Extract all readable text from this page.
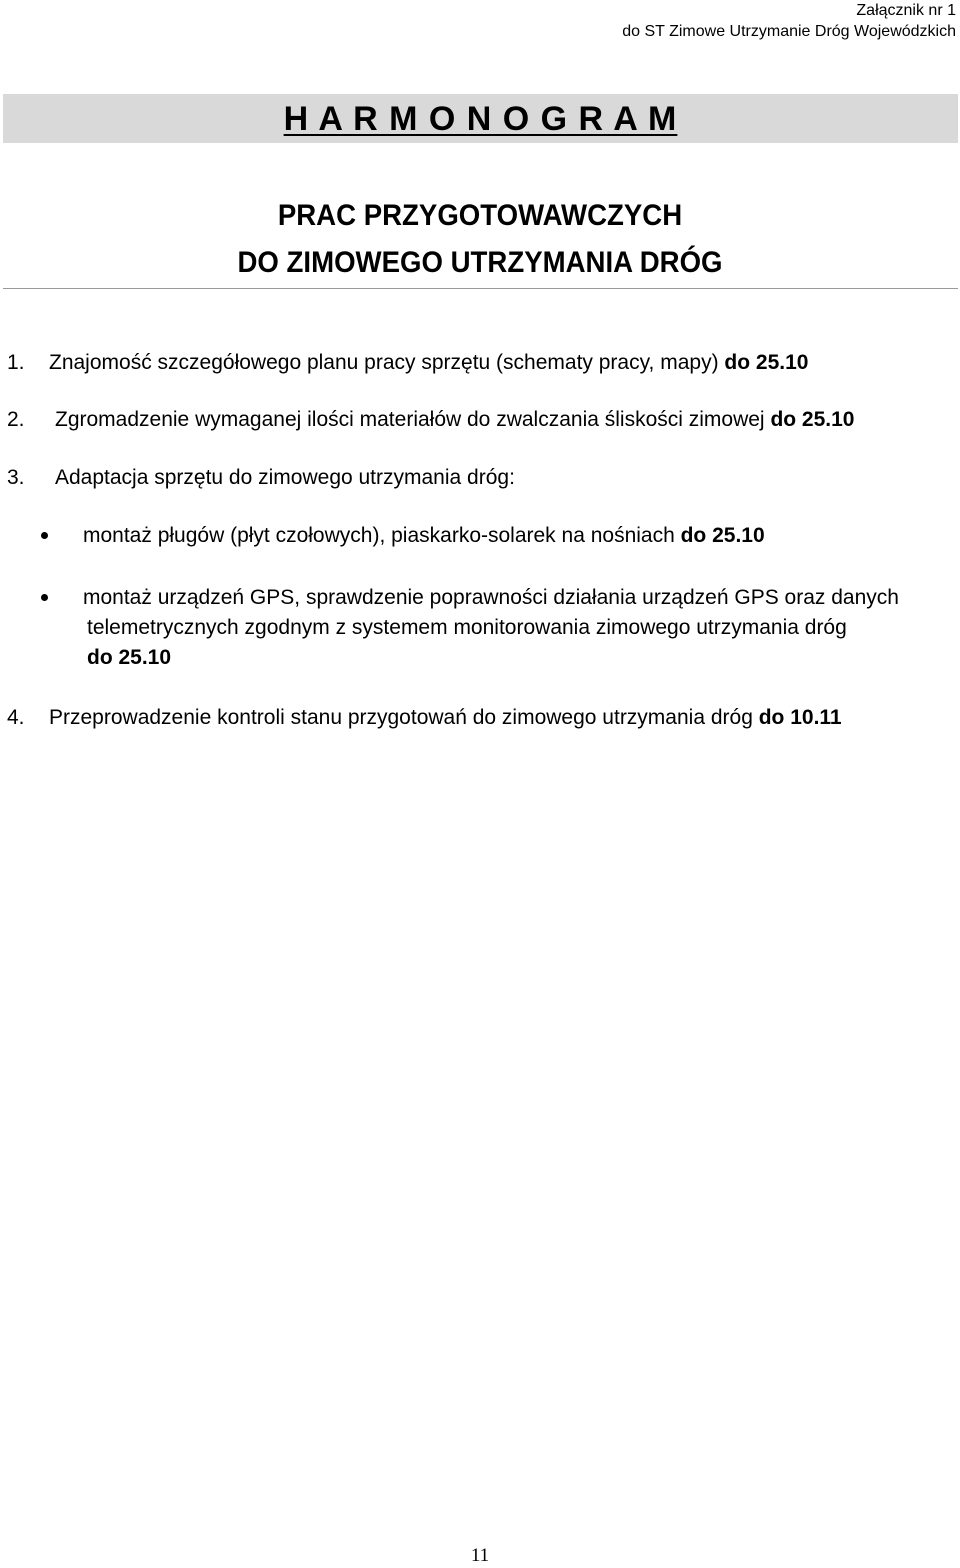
Załącznik nr 1
do ST Zimowe Utrzymanie Dróg Wojewódzkich
H A R M O N O G R A M
PRAC PRZYGOTOWAWCZYCH
DO ZIMOWEGO UTRZYMANIA DRÓG
1. Znajomość szczegółowego planu pracy sprzętu (schematy pracy, mapy) do 25.10
2. Zgromadzenie wymaganej ilości materiałów do zwalczania śliskości zimowej do 25.10
3. Adaptacja sprzętu do zimowego utrzymania dróg:
montaż pługów (płyt czołowych), piaskarko-solarek na nośniach do 25.10
montaż urządzeń GPS, sprawdzenie poprawności działania urządzeń GPS oraz danych
telemetrycznych zgodnym z systemem monitorowania zimowego utrzymania dróg
do 25.10
4. Przeprowadzenie kontroli stanu przygotowań do zimowego utrzymania dróg do 10.11
11
